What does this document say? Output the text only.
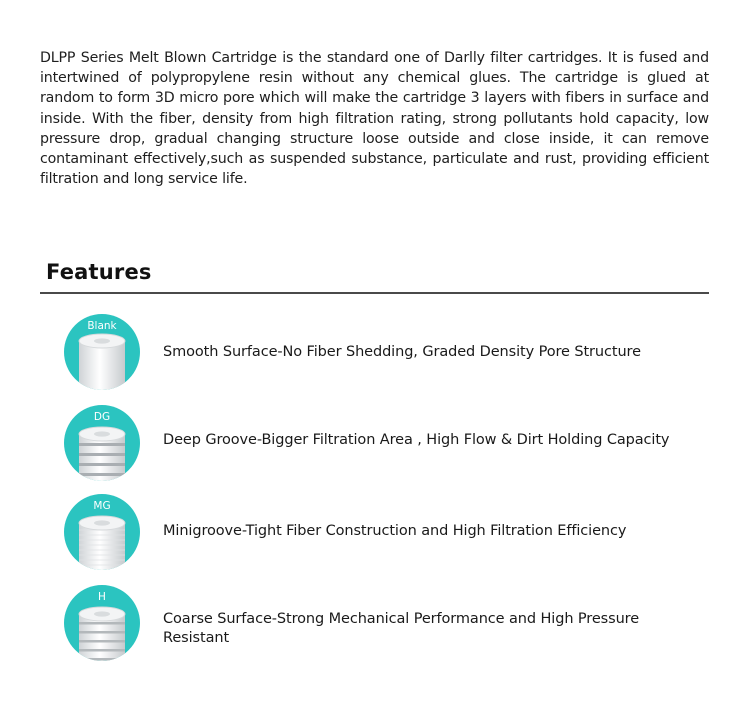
DLPP Series Melt Blown Cartridge is the standard one of Darlly filter cartridges. It is fused and intertwined of polypropylene resin without any chemical glues. The cartridge is glued at random to form 3D micro pore which will make the cartridge 3 layers with fibers in surface and inside. With the fiber, density from high filtration rating, strong pollutants hold capacity, low pressure drop, gradual changing structure loose outside and close inside, it can remove contaminant effectively,such as suspended substance, particulate and rust, providing efficient filtration and long service life.
Features
Blank
Smooth Surface-No Fiber Shedding, Graded Density Pore Structure
DG
Deep Groove-Bigger Filtration Area , High Flow & Dirt Holding Capacity
MG
Minigroove-Tight Fiber Construction and High Filtration Efficiency
H
Coarse Surface-Strong Mechanical Performance and High Pressure Resistant
